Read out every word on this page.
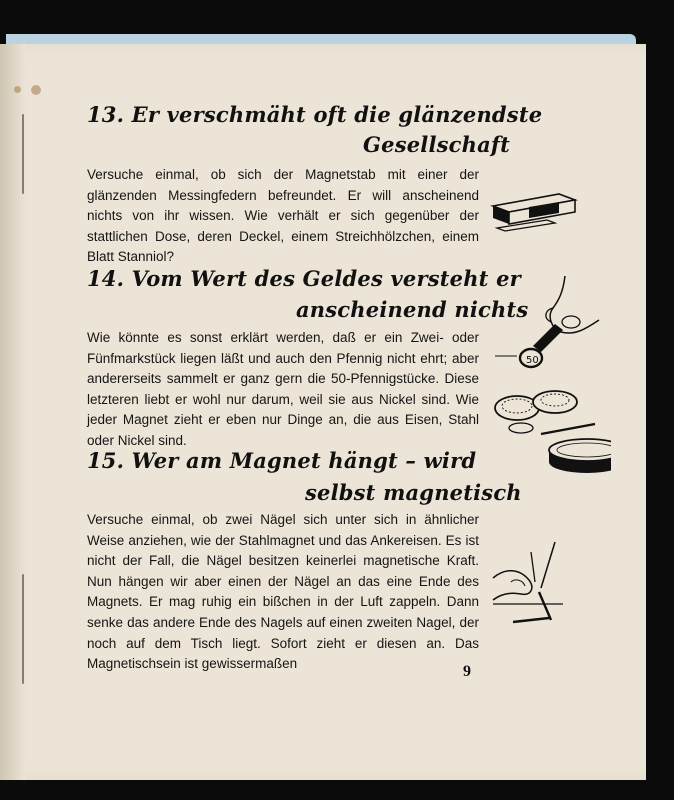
13. Er verschmäht oft die glänzendste
Gesellschaft

Versuche einmal, ob sich der Magnetstab mit einer der glänzenden Messingfedern befreundet. Er will anscheinend nichts von ihr wissen. Wie verhält er sich gegenüber der stattlichen Dose, deren Deckel, einem Streichhölzchen, einem Blatt Stanniol?

14. Vom Wert des Geldes versteht er
anscheinend nichts

Wie könnte es sonst erklärt werden, daß er ein Zwei- oder Fünfmarkstück liegen läßt und auch den Pfennig nicht ehrt; aber andererseits sammelt er ganz gern die 50-Pfennigstücke. Diese letzteren liebt er wohl nur darum, weil sie aus Nickel sind. Wie jeder Magnet zieht er eben nur Dinge an, die aus Eisen, Stahl oder Nickel sind.

50
15. Wer am Magnet hängt – wird
selbst magnetisch

Versuche einmal, ob zwei Nägel sich unter sich in ähnlicher Weise anziehen, wie der Stahlmagnet und das Ankereisen. Es ist nicht der Fall, die Nägel besitzen keinerlei magnetische Kraft. Nun hängen wir aber einen der Nägel an das eine Ende des Magnets. Er mag ruhig ein bißchen in der Luft zappeln. Dann senke das andere Ende des Nagels auf einen zweiten Nagel, der noch auf dem Tisch liegt. Sofort zieht er diesen an. Das Magnetischsein ist gewissermaßen	9
